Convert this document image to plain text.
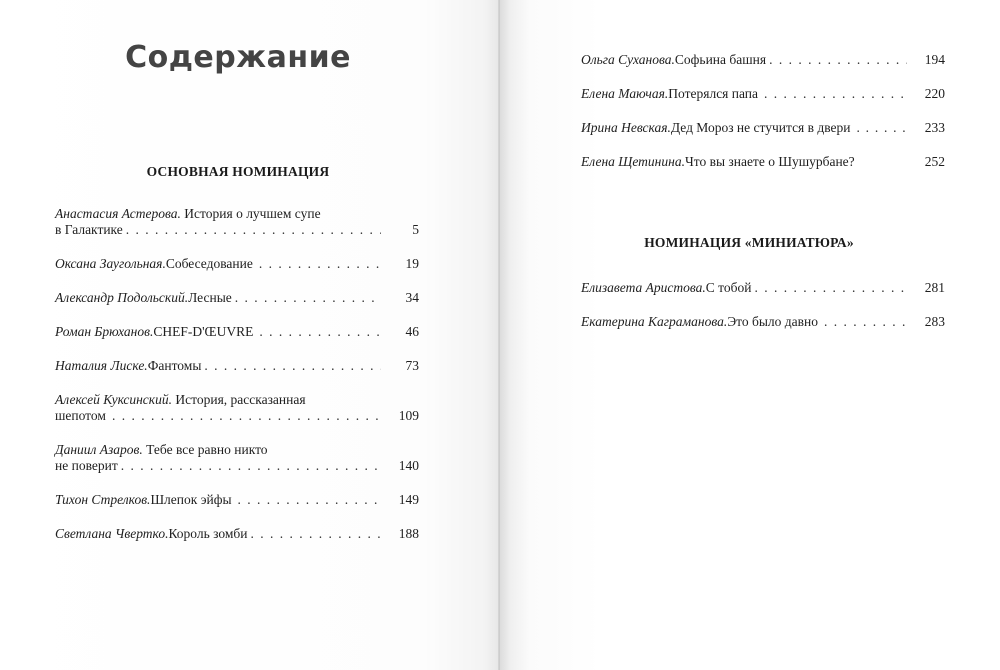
Содержание
ОСНОВНАЯ НОМИНАЦИЯ
Анастасия Астерова. История о лучшем супе
в Галактике . . .	5
Оксана Заугольная. Собеседование . . .	19
Александр Подольский. Лесные . . .	34
Роман Брюханов. CHEF-D'ŒUVRE . . .	46
Наталия Лиске. Фантомы . . .	73
Алексей Куксинский. История, рассказанная
шепотом . . .	109
Даниил Азаров. Тебе все равно никто
не поверит . . .	140
Тихон Стрелков. Шлепок эйфы . . .	149
Светлана Чвертко. Король зомби . . .	188
Ольга Суханова. Софьина башня . . .	194
Елена Маючая. Потерялся папа . . .	220
Ирина Невская. Дед Мороз не стучится в двери . . .	233
Елена Щетинина. Что вы знаете о Шушурбане?	252
НОМИНАЦИЯ «МИНИАТЮРА»
Елизавета Аристова. С тобой . . .	281
Екатерина Каграманова. Это было давно . . .	283
